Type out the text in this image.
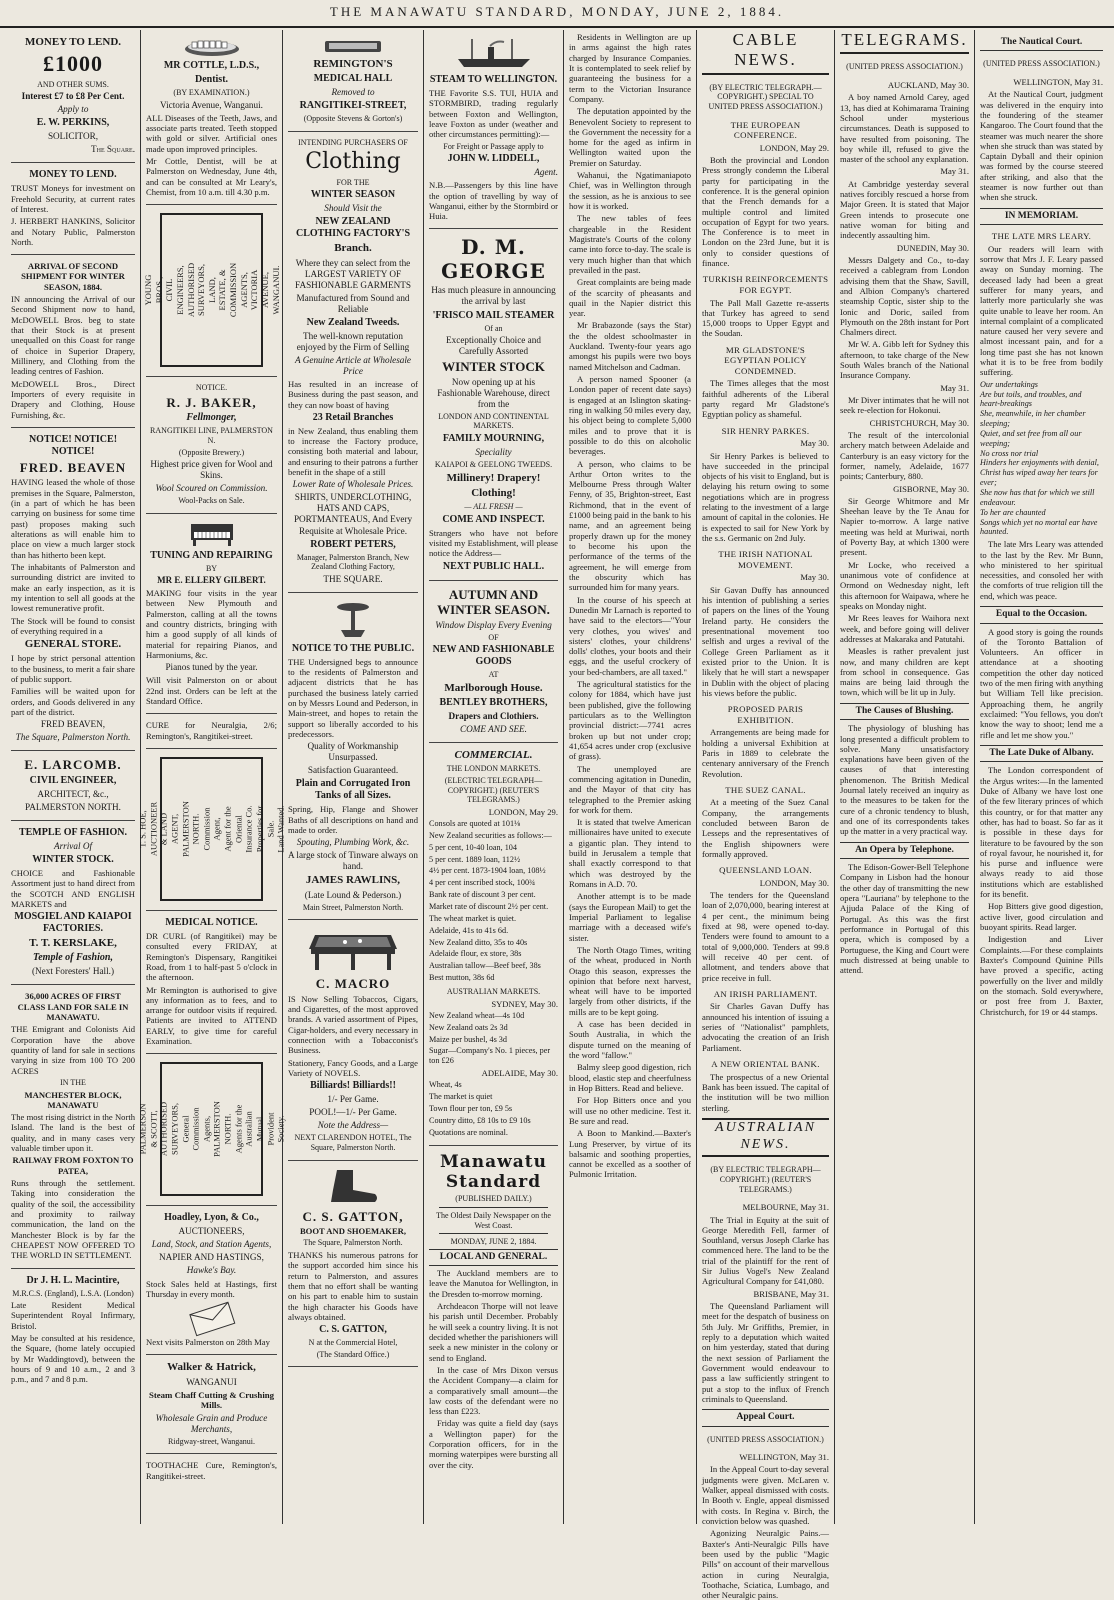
THE MANAWATU STANDARD, MONDAY, JUNE 2, 1884.

MONEY TO LEND.

£1000

AND OTHER SUMS.

Interest £7 to £8 Per Cent.

Apply to

E. W. PERKINS,

SOLICITOR,

The Square.

MONEY TO LEND.

TRUST Moneys for investment on Freehold Security, at current rates of Interest.

J. HERBERT HANKINS, Solicitor and Notary Public, Palmerston North.

ARRIVAL OF SECOND SHIPMENT FOR WINTER SEASON, 1884.

IN announcing the Arrival of our Second Shipment now to hand, McDOWELL Bros. beg to state that their Stock is at present unequalled on this Coast for range of choice in Superior Drapery, Millinery, and Clothing from the leading centres of Fashion.

McDOWELL Bros., Direct Importers of every requisite in Drapery and Clothing, House Furnishing, &c.

NOTICE! NOTICE! NOTICE!

FRED. BEAVEN

HAVING leased the whole of those premises in the Square, Palmerston, (in a part of which he has been carrying on business for some time past) proposes making such alterations as will enable him to place on view a much larger stock than has hitherto been kept.

The inhabitants of Palmerston and surrounding district are invited to make an early inspection, as it is my intention to sell all goods at the lowest remunerative profit.

The Stock will be found to consist of everything required in a

GENERAL STORE.

I hope by strict personal attention to the business, to merit a fair share of public support.

Families will be waited upon for orders, and Goods delivered in any part of the district.

FRED BEAVEN,

The Square, Palmerston North.

E. LARCOMB.

CIVIL ENGINEER,

ARCHITECT, &c.,

PALMERSTON NORTH.

TEMPLE OF FASHION.

Arrival Of

WINTER STOCK.

CHOICE and Fashionable Assortment just to hand direct from the SCOTCH AND ENGLISH MARKETS and

MOSGIEL AND KAIAPOI FACTORIES.

T. T. KERSLAKE,

Temple of Fashion,

(Next Foresters' Hall.)

36,000 ACRES OF FIRST CLASS LAND FOR SALE IN MANAWATU.

THE Emigrant and Colonists Aid Corporation have the above quantity of land for sale in sections varying in size from 100 TO 200 ACRES

IN THE

MANCHESTER BLOCK, MANAWATU

The most rising district in the North Island. The land is the best of quality, and in many cases very valuable timber upon it.

RAILWAY FROM FOXTON TO PATEA,

Runs through the settlement. Taking into consideration the quality of the soil, the accessibility and proximity to railway communication, the land on the Manchester Block is by far the CHEAPEST NOW OFFERED TO THE WORLD IN SETTLEMENT.

Dr J. H. L. Macintire,

M.R.C.S. (England), L.S.A. (London)

Late Resident Medical Superintendent Royal Infirmary, Bristol.

May be consulted at his residence, the Square, (home lately occupied by Mr Waddingtovd), between the hours of 9 and 10 a.m., 2 and 3 p.m., and 7 and 8 p.m.

MR COTTLE, L.D.S.,

Dentist.

(BY EXAMINATION.)

Victoria Avenue, Wanganui.

ALL Diseases of the Teeth, Jaws, and associate parts treated. Teeth stopped with gold or silver. Artificial ones made upon improved principles.

Mr Cottle, Dentist, will be at Palmerston on Wednesday, June 4th, and can be consulted at Mr Leary's, Chemist, from 10 a.m. till 4.30 p.m.

YOUNG BROS.,
CIVIL ENGINEERS,
AUTHORISED SURVEYORS,
LAND, ESTATE, & COMMISSION
AGENTS,
VICTORIA AVENUE, WANGANUI.

NOTICE.

R. J. BAKER,

Fellmonger,

RANGITIKEI LINE, PALMERSTON N.

(Opposite Brewery.)

Highest price given for Wool and Skins.

Wool Scoured on Commission.

Wool-Packs on Sale.

TUNING AND REPAIRING

BY

MR E. ELLERY GILBERT.

MAKING four visits in the year between New Plymouth and Palmerston, calling at all the towns and country districts, bringing with him a good supply of all kinds of material for repairing Pianos, and Harmoniums, &c.

Pianos tuned by the year.

Will visit Palmerston on or about 22nd inst. Orders can be left at the Standard Office.

CURE for Neuralgia, 2/6; Remington's, Rangitikei-street.

T. S. HOE,
AUCTIONEER & LAND AGENT,
PALMERSTON NORTH.
Commission Agent,
Agent for the Oriental Insurance Co.
Properties for Sale.
Land Wanted.

MEDICAL NOTICE.

DR CURL (of Rangitikei) may be consulted every FRIDAY, at Remington's Dispensary, Rangitikei Road, from 1 to half-past 5 o'clock in the afternoon.

Mr Remington is authorised to give any information as to fees, and to arrange for outdoor visits if required. Patients are invited to ATTEND EARLY, to give time for careful Examination.

PALMERSON & SCOTT,
AUTHORISED SURVEYORS,
General Commission Agents,
PALMERSTON NORTH.
Agents for the Australian Mutual Provident Society.

Hoadley, Lyon, & Co.,

AUCTIONEERS,

Land, Stock, and Station Agents,

NAPIER AND HASTINGS,

Hawke's Bay.

Stock Sales held at Hastings, first Thursday in every month.

Next visits Palmerston on 28th May

Walker & Hatrick,

WANGANUI

Steam Chaff Cutting & Crushing Mills.

Wholesale Grain and Produce Merchants,

Ridgway-street, Wanganui.

TOOTHACHE Cure, Remington's, Rangitikei-street.

REMINGTON'S

MEDICAL HALL

Removed to

RANGITIKEI-STREET,

(Opposite Stevens & Gorton's)

INTENDING PURCHASERS OF

Clothing

FOR THE

WINTER SEASON

Should Visit the

NEW ZEALAND CLOTHING FACTORY'S

Branch.

Where they can select from the LARGEST VARIETY OF FASHIONABLE GARMENTS

Manufactured from Sound and Reliable

New Zealand Tweeds.

The well-known reputation enjoyed by the Firm of Selling

A Genuine Article at Wholesale Price

Has resulted in an increase of Business during the past season, and they can now boast of having

23 Retail Branches

in New Zealand, thus enabling them to increase the Factory produce, consisting both material and labour, and ensuring to their patrons a further benefit in the shape of a still

Lower Rate of Wholesale Prices.

SHIRTS, UNDERCLOTHING, HATS AND CAPS, PORTMANTEAUS, And Every Requisite at Wholesale Price.

ROBERT PETERS,

Manager, Palmerston Branch, New Zealand Clothing Factory,

THE SQUARE.

NOTICE TO THE PUBLIC.

THE Undersigned begs to announce to the residents of Palmerston and adjacent districts that he has purchased the business lately carried on by Messrs Lound and Pederson, in Main-street, and hopes to retain the support so liberally accorded to his predecessors.

Quality of Workmanship Unsurpassed.

Satisfaction Guaranteed.

Plain and Corrugated Iron Tanks of all Sizes.

Spring, Hip, Flange and Shower Baths of all descriptions on hand and made to order.

Spouting, Plumbing Work, &c.

A large stock of Tinware always on hand.

JAMES RAWLINS,

(Late Lound & Pederson.)

Main Street, Palmerston North.

C. MACRO

IS Now Selling Tobaccos, Cigars, and Cigarettes, of the most approved brands. A varied assortment of Pipes, Cigar-holders, and every necessary in connection with a Tobacconist's Business.

Stationery, Fancy Goods, and a Large Variety of NOVELS.

Billiards! Billiards!!

1/- Per Game.

POOL!—1/- Per Game.

Note the Address—

NEXT CLARENDON HOTEL, The Square, Palmerston North.

C. S. GATTON,

BOOT AND SHOEMAKER,

The Square, Palmerston North.

THANKS his numerous patrons for the support accorded him since his return to Palmerston, and assures them that no effort shall be wanting on his part to enable him to sustain the high character his Goods have always obtained.

C. S. GATTON,

N at the Commercial Hotel,

(The Standard Office.)

STEAM TO WELLINGTON.

THE Favorite S.S. TUI, HUIA and STORMBIRD, trading regularly between Foxton and Wellington, leave Foxton as under (weather and other circumstances permitting):—

For Freight or Passage apply to

JOHN W. LIDDELL,

Agent.

N.B.—Passengers by this line have the option of travelling by way of Wanganui, either by the Stormbird or Huia.

D. M. GEORGE

Has much pleasure in announcing the arrival by last

'FRISCO MAIL STEAMER

Of an

Exceptionally Choice and Carefully Assorted

WINTER STOCK

Now opening up at his Fashionable Warehouse, direct from the

LONDON AND CONTINENTAL MARKETS.

FAMILY MOURNING,

Speciality

KAIAPOI & GEELONG TWEEDS.

Millinery! Drapery!

Clothing!

— ALL FRESH —

COME AND INSPECT.

Strangers who have not before visited my Establishment, will please notice the Address—

NEXT PUBLIC HALL.

AUTUMN AND WINTER SEASON.

Window Display Every Evening

OF

NEW AND FASHIONABLE GOODS

AT

Marlborough House.

BENTLEY BROTHERS,

Drapers and Clothiers.

COME AND SEE.

COMMERCIAL.

THE LONDON MARKETS.

(ELECTRIC TELEGRAPH—COPYRIGHT.) (REUTER'S TELEGRAMS.)

LONDON, May 29.

Consols are quoted at 101⅛

New Zealand securities as follows:—

5 per cent, 10-40 loan, 104

5 per cent. 1889 loan, 112½

4½ per cent. 1873-1904 loan, 108½

4 per cent inscribed stock, 100¾

Bank rate of discount 3 per cent.

Market rate of discount 2½ per cent.

The wheat market is quiet.

Adelaide, 41s to 41s 6d.

New Zealand ditto, 35s to 40s

Adelaide flour, ex store, 38s

Australian tallow—Beef beef, 38s

Best mutton, 38s 6d

AUSTRALIAN MARKETS.

SYDNEY, May 30.

New Zealand wheat—4s 10d

New Zealand oats 2s 3d

Maize per bushel, 4s 3d

Sugar—Company's No. 1 pieces, per ton £26

ADELAIDE, May 30.

Wheat, 4s

The market is quiet

Town flour per ton, £9 5s

Country ditto, £8 10s to £9 10s

Quotations are nominal.

Manawatu Standard

(PUBLISHED DAILY.)

The Oldest Daily Newspaper on the West Coast.

MONDAY, JUNE 2, 1884.

LOCAL AND GENERAL.

The Auckland members are to leave the Manutoa for Wellington, in the Dresden to-morrow morning.

Archdeacon Thorpe will not leave his parish until December. Probably he will seek a country living. It is not decided whether the parishioners will seek a new minister in the colony or send to England.

In the case of Mrs Dixon versus the Accident Company—a claim for a comparatively small amount—the law costs of the defendant were no less than £223.

Friday was quite a field day (says a Wellington paper) for the Corporation officers, for in the morning waterpipes were bursting all over the city.

Residents in Wellington are up in arms against the high rates charged by Insurance Companies. It is contemplated to seek relief by guaranteeing the business for a term to the Victorian Insurance Company.

The deputation appointed by the Benevolent Society to represent to the Government the necessity for a home for the aged as infirm in Wellington waited upon the Premier on Saturday.

Wahanui, the Ngatimaniapoto Chief, was in Wellington through the session, as he is anxious to see how it is worked.

The new tables of fees chargeable in the Resident Magistrate's Courts of the colony came into force to-day. The scale is very much higher than that which prevailed in the past.

Great complaints are being made of the scarcity of pheasants and quail in the Napier district this year.

Mr Brabazonde (says the Star) the the oldest schoolmaster in Auckland. Twenty-four years ago amongst his pupils were two boys named Mitchelson and Cadman.

A person named Spooner (a London paper of recent date says) is engaged at an Islington skating-ring in walking 50 miles every day, his object being to complete 5,000 miles and to prove that it is possible to do this on alcoholic beverages.

A person, who claims to be Arthur Orton writes to the Melbourne Press through Walter Fenny, of 35, Brighton-street, East Richmond, that in the event of £1000 being paid in the bank to his name, and an agreement being properly drawn up for the money to become his upon the performance of the terms of the agreement, he will emerge from the obscurity which has surrounded him for many years.

In the course of his speech at Dunedin Mr Larnach is reported to have said to the electors—"Your very clothes, you wives' and sisters' clothes, your childrens' dolls' clothes, your boots and their eggs, and the useful crockery of your bed-chambers, are all taxed."

The agricultural statistics for the colony for 1884, which have just been published, give the following particulars as to the Wellington provincial district:—7741 acres broken up but not under crop; 41,654 acres under crop (exclusive of grass).

The unemployed are commencing agitation in Dunedin, and the Mayor of that city has telegraphed to the Premier asking for work for them.

It is stated that twelve American millionaires have united to execute a gigantic plan. They intend to build in Jerusalem a temple that shall exactly correspond to that which was destroyed by the Romans in A.D. 70.

Another attempt is to be made (says the European Mail) to get the Imperial Parliament to legalise marriage with a deceased wife's sister.

The North Otago Times, writing of the wheat, produced in North Otago this season, expresses the opinion that before next harvest, wheat will have to be imported largely from other districts, if the mills are to be kept going.

A case has been decided in South Australia, in which the dispute turned on the meaning of the word "fallow."

Balmy sleep good digestion, rich blood, elastic step and cheerfulness in Hop Bitters. Read and believe.

For Hop Bitters once and you will use no other medicine. Test it. Be sure and read.

A Boon to Mankind.—Baxter's Lung Preserver, by virtue of its balsamic and soothing properties, cannot be excelled as a soother of Pulmonic Irritation.

CABLE NEWS.

(BY ELECTRIC TELEGRAPH.—COPYRIGHT.) SPECIAL TO UNITED PRESS ASSOCIATION.)

THE EUROPEAN CONFERENCE.

LONDON, May 29.

Both the provincial and London Press strongly condemn the Liberal party for participating in the conference. It is the general opinion that the French demands for a multiple control and limited occupation of Egypt for two years. The Conference is to meet in London on the 23rd June, but it is only to consider questions of finance.

TURKISH REINFORCEMENTS FOR EGYPT.

The Pall Mall Gazette re-asserts that Turkey has agreed to send 15,000 troops to Upper Egypt and the Soudan.

MR GLADSTONE'S EGYPTIAN POLICY CONDEMNED.

The Times alleges that the most faithful adherents of the Liberal party regard Mr Gladstone's Egyptian policy as shameful.

SIR HENRY PARKES.

May 30.

Sir Henry Parkes is believed to have succeeded in the principal objects of his visit to England, but is delaying his return owing to some negotiations which are in progress relating to the investment of a large amount of capital in the colonies. He is expected to sail for New York by the s.s. Germanic on 2nd July.

THE IRISH NATIONAL MOVEMENT.

May 30.

Sir Gavan Duffy has announced his intention of publishing a series of papers on the lines of the Young Ireland party. He considers the presentnational movement too selfish and urges a revival of the College Green Parliament as it existed prior to the Union. It is likely that he will start a newspaper in Dublin with the object of placing his views before the public.

PROPOSED PARIS EXHIBITION.

Arrangements are being made for holding a universal Exhibition at Paris in 1889 to celebrate the centenary anniversary of the French Revolution.

THE SUEZ CANAL.

At a meeting of the Suez Canal Company, the arrangements concluded between Baron de Lesseps and the representatives of the English shipowners were formally approved.

QUEENSLAND LOAN.

LONDON, May 30.

The tenders for the Queensland loan of 2,070,000, bearing interest at 4 per cent., the minimum being fixed at 98, were opened to-day. Tenders were found to amount to a total of 9,000,000. Tenders at 99.8 will receive 40 per cent. of allotment, and tenders above that price receive in full.

AN IRISH PARLIAMENT.

Sir Charles Gavan Duffy has announced his intention of issuing a series of "Nationalist" pamphlets, advocating the creation of an Irish Parliament.

A NEW ORIENTAL BANK.

The prospectus of a new Oriental Bank has been issued. The capital of the institution will be two million sterling.

AUSTRALIAN NEWS.

(BY ELECTRIC TELEGRAPH—COPYRIGHT.) (REUTER'S TELEGRAMS.)

MELBOURNE, May 31.

The Trial in Equity at the suit of George Meredith Fell, farmer of Southland, versus Joseph Clarke has commenced here. The land to be the trial of the plaintiff for the rent of Sir Julius Vogel's New Zealand Agricultural Company for £41,080.

BRISBANE, May 31.

The Queensland Parliament will meet for the despatch of business on 5th July. Mr Griffiths, Premier, in reply to a deputation which waited on him yesterday, stated that during the next session of Parliament the Government would endeavour to pass a law sufficiently stringent to put a stop to the influx of French criminals to Queensland.

Appeal Court.

(UNITED PRESS ASSOCIATION.)

WELLINGTON, May 31.

In the Appeal Court to-day several judgments were given. McLaren v. Walker, appeal dismissed with costs. In Booth v. Engle, appeal dismissed with costs. In Regina v. Birch, the conviction below was quashed.

Agonizing Neuralgic Pains.—Baxter's Anti-Neuralgic Pills have been used by the public "Magic Pills" on account of their marvellous action in curing Neuralgia, Toothache, Sciatica, Lumbago, and other Neuralgic pains.

TELEGRAMS.

(UNITED PRESS ASSOCIATION.)

AUCKLAND, May 30.

A boy named Arnold Carey, aged 13, has died at Kohimarama Training School under mysterious circumstances. Death is supposed to have resulted from poisoning. The boy while ill, refused to give the master of the school any explanation.

May 31.

At Cambridge yesterday several natives forcibly rescued a horse from Major Green. It is stated that Major Green intends to prosecute one native woman for biting and indecently assaulting him.

DUNEDIN, May 30.

Messrs Dalgety and Co., to-day received a cablegram from London advising them that the Shaw, Savill, and Albion Company's chartered steamship Coptic, sister ship to the Ionic and Doric, sailed from Plymouth on the 28th instant for Port Chalmers direct.

Mr W. A. Gibb left for Sydney this afternoon, to take charge of the New South Wales branch of the National Insurance Company.

May 31.

Mr Diver intimates that he will not seek re-election for Hokonui.

CHRISTCHURCH, May 30.

The result of the intercolonial archery match between Adelaide and Canterbury is an easy victory for the former, namely, Adelaide, 1677 points; Canterbury, 880.

GISBORNE, May 30.

Sir George Whitmore and Mr Sheehan leave by the Te Anau for Napier to-morrow. A large native meeting was held at Muriwai, north of Poverty Bay, at which 1300 were present.

Mr Locke, who received a unanimous vote of confidence at Ormond on Wednesday night, left this afternoon for Waipawa, where he speaks on Monday night.

Mr Rees leaves for Waihora next week, and before going will deliver addresses at Makaraka and Patutahi.

Measles is rather prevalent just now, and many children are kept from school in consequence. Gas mains are being laid through the town, which will be lit up in July.

The Causes of Blushing.

The physiology of blushing has long presented a difficult problem to solve. Many unsatisfactory explanations have been given of the causes of that interesting phenomenon. The British Medical Journal lately received an inquiry as to the measures to be taken for the cure of a chronic tendency to blush, and one of its correspondents takes up the matter in a very practical way.

An Opera by Telephone.

The Edison-Gower-Bell Telephone Company in Lisbon had the honour the other day of transmitting the new opera "Lauriana" by telephone to the Ajjuda Palace of the King of Portugal. As this was the first performance in Portugal of this opera, which is composed by a Portuguese, the King and Court were much distressed at being unable to attend.

The Nautical Court.

(UNITED PRESS ASSOCIATION.)

WELLINGTON, May 31.

At the Nautical Court, judgment was delivered in the enquiry into the foundering of the steamer Kangaroo. The Court found that the steamer was much nearer the shore when she struck than was stated by Captain Dyball and their opinion was formed by the course steered after striking, and also that the steamer is now further out than when she struck.

IN MEMORIAM.

THE LATE MRS LEARY.

Our readers will learn with sorrow that Mrs J. F. Leary passed away on Sunday morning. The deceased lady had been a great sufferer for many years, and latterly more particularly she was quite unable to leave her room. An internal complaint of a complicated nature caused her very severe and almost incessant pain, and for a long time past she has not known what it is to be free from bodily suffering.

Our undertakings

Are but toils, and troubles, and heart-breakings

She, meanwhile, in her chamber sleeping;

Quiet, and set free from all our weeping;

No cross nor trial

Hinders her enjoyments with denial,

Christ has wiped away her tears for ever;

She now has that for which we still endeavour.

To her are chaunted

Songs which yet no mortal ear have haunted.

The late Mrs Leary was attended to the last by the Rev. Mr Bunn, who ministered to her spiritual necessities, and consoled her with the comforts of true religion till the end, which was peace.

Equal to the Occasion.

A good story is going the rounds of the Toronto Battalion of Volunteers. An officer in attendance at a shooting competition the other day noticed two of the men firing with anything but William Tell like precision. Approaching them, he angrily exclaimed: "You fellows, you don't know the way to shoot; lend me a rifle and let me show you."

The Late Duke of Albany.

The London correspondent of the Argus writes:—In the lamented Duke of Albany we have lost one of the few literary princes of which this country, or for that matter any other, has had to boast. So far as it is possible in these days for literature to be favoured by the son of royal favour, he nourished it, for his purse and influence were always ready to aid those institutions which are established for its benefit.

Hop Bitters give good digestion, active liver, good circulation and buoyant spirits. Read larger.

Indigestion and Liver Complaints.—For these complaints Baxter's Compound Quinine Pills have proved a specific, acting powerfully on the liver and mildly on the stomach. Sold everywhere, or post free from J. Baxter, Christchurch, for 19 or 44 stamps.
